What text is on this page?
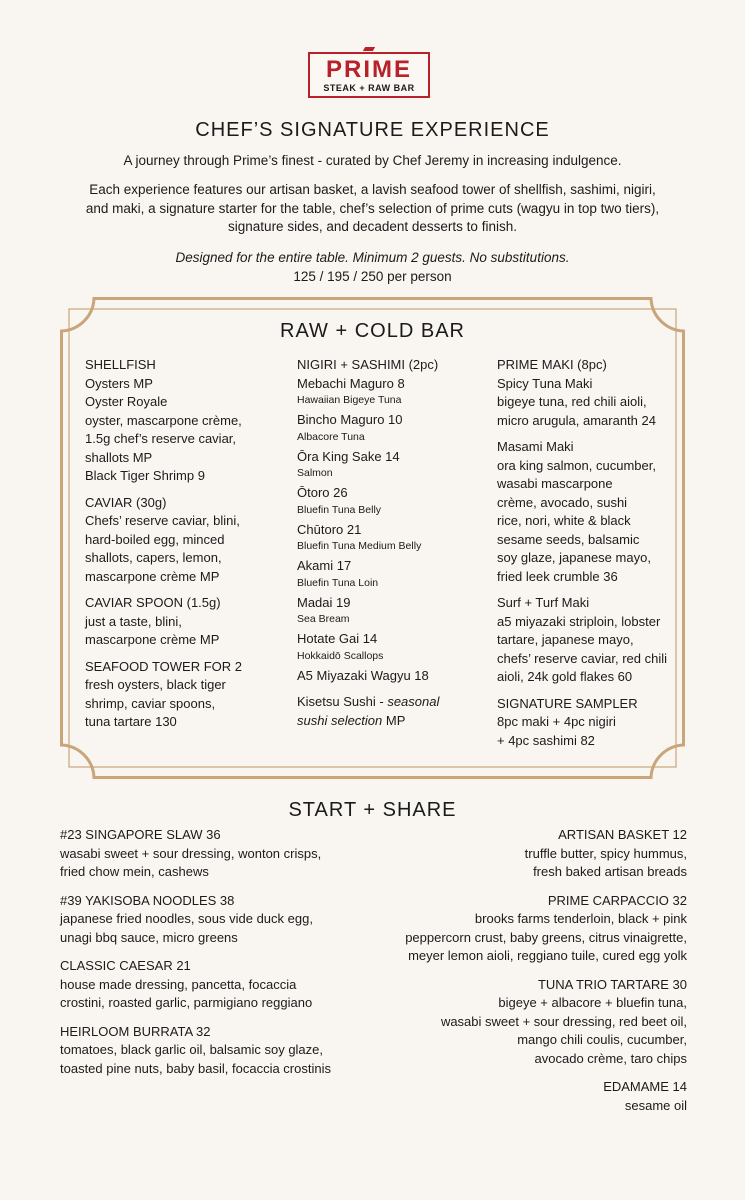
PRIME
STEAK + RAW BAR
CHEF’S SIGNATURE EXPERIENCE
A journey through Prime’s finest - curated by Chef Jeremy in increasing indulgence.
Each experience features our artisan basket, a lavish seafood tower of shellfish, sashimi, nigiri,
and maki, a signature starter for the table, chef’s selection of prime cuts (wagyu in top two tiers),
signature sides, and decadent desserts to finish.
Designed for the entire table. Minimum 2 guests. No substitutions.
125 / 195 / 250 per person
RAW + COLD BAR
SHELLFISH
Oysters MP
Oyster Royale
oyster, mascarpone crème,
1.5g chef’s reserve caviar,
shallots MP
Black Tiger Shrimp 9
CAVIAR (30g)
Chefs’ reserve caviar, blini,
hard-boiled egg, minced
shallots, capers, lemon,
mascarpone crème MP
CAVIAR SPOON (1.5g)
just a taste, blini,
mascarpone crème MP
SEAFOOD TOWER FOR 2
fresh oysters, black tiger
shrimp, caviar spoons,
tuna tartare 130
NIGIRI + SASHIMI (2pc)
Mebachi Maguro 8
Hawaiian Bigeye Tuna
Bincho Maguro 10
Albacore Tuna
Ōra King Sake 14
Salmon
Ōtoro 26
Bluefin Tuna Belly
Chūtoro 21
Bluefin Tuna Medium Belly
Akami 17
Bluefin Tuna Loin
Madai 19
Sea Bream
Hotate Gai 14
Hokkaidō Scallops
A5 Miyazaki Wagyu 18
Kisetsu Sushi - seasonal
sushi selection MP
PRIME MAKI (8pc)
Spicy Tuna Maki
bigeye tuna, red chili aioli,
micro arugula, amaranth 24
Masami Maki
ora king salmon, cucumber,
wasabi mascarpone
crème, avocado, sushi
rice, nori, white & black
sesame seeds, balsamic
soy glaze, japanese mayo,
fried leek crumble 36
Surf + Turf Maki
a5 miyazaki striploin, lobster
tartare, japanese mayo,
chefs’ reserve caviar, red chili
aioli, 24k gold flakes 60
SIGNATURE SAMPLER
8pc maki + 4pc nigiri
+ 4pc sashimi 82
START + SHARE
#23 SINGAPORE SLAW 36
wasabi sweet + sour dressing, wonton crisps,
fried chow mein, cashews
#39 YAKISOBA NOODLES 38
japanese fried noodles, sous vide duck egg,
unagi bbq sauce, micro greens
CLASSIC CAESAR 21
house made dressing, pancetta, focaccia
crostini, roasted garlic, parmigiano reggiano
HEIRLOOM BURRATA 32
tomatoes, black garlic oil, balsamic soy glaze,
toasted pine nuts, baby basil, focaccia crostinis
ARTISAN BASKET 12
truffle butter, spicy hummus,
fresh baked artisan breads
PRIME CARPACCIO 32
brooks farms tenderloin, black + pink
peppercorn crust, baby greens, citrus vinaigrette,
meyer lemon aioli, reggiano tuile, cured egg yolk
TUNA TRIO TARTARE 30
bigeye + albacore + bluefin tuna,
wasabi sweet + sour dressing, red beet oil,
mango chili coulis, cucumber,
avocado crème, taro chips
EDAMAME 14
sesame oil
